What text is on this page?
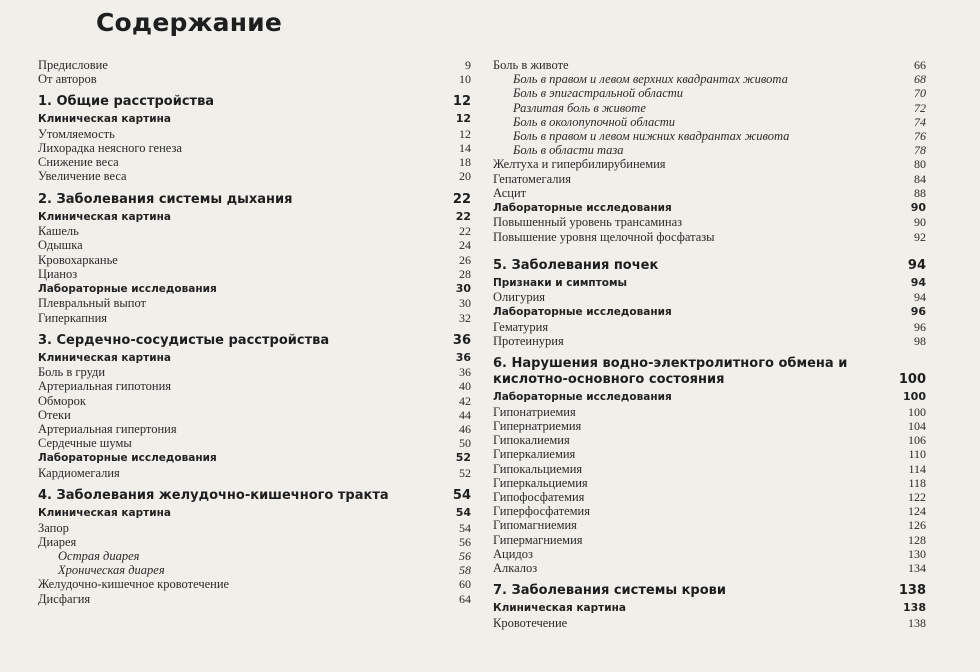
Содержание
Предисловие	9
От авторов	10
1. Общие расстройства	12
Клиническая картина	12
Утомляемость	12
Лихорадка неясного генеза	14
Снижение веса	18
Увеличение веса	20
2. Заболевания системы дыхания	22
Клиническая картина	22
Кашель	22
Одышка	24
Кровохарканье	26
Цианоз	28
Лабораторные исследования	30
Плевральный выпот	30
Гиперкапния	32
3. Сердечно-сосудистые расстройства	36
Клиническая картина	36
Боль в груди	36
Артериальная гипотония	40
Обморок	42
Отеки	44
Артериальная гипертония	46
Сердечные шумы	50
Лабораторные исследования	52
Кардиомегалия	52
4. Заболевания желудочно-кишечного тракта	54
Клиническая картина	54
Запор	54
Диарея	56
Острая диарея	56
Хроническая диарея	58
Желудочно-кишечное кровотечение	60
Дисфагия	64
Боль в животе	66
Боль в правом и левом верхних квадрантах живота	68
Боль в эпигастральной области	70
Разлитая боль в животе	72
Боль в околопупочной области	74
Боль в правом и левом нижних квадрантах живота	76
Боль в области таза	78
Желтуха и гипербилирубинемия	80
Гепатомегалия	84
Асцит	88
Лабораторные исследования	90
Повышенный уровень трансаминаз	90
Повышение уровня щелочной фосфатазы	92
5. Заболевания почек	94
Признаки и симптомы	94
Олигурия	94
Лабораторные исследования	96
Гематурия	96
Протеинурия	98
6. Нарушения водно-электролитного обмена и кислотно-основного состояния	100
Лабораторные исследования	100
Гипонатриемия	100
Гипернатриемия	104
Гипокалиемия	106
Гиперкалиемия	110
Гипокальциемия	114
Гиперкальциемия	118
Гипофосфатемия	122
Гиперфосфатемия	124
Гипомагниемия	126
Гипермагниемия	128
Ацидоз	130
Алкалоз	134
7. Заболевания системы крови	138
Клиническая картина	138
Кровотечение	138
